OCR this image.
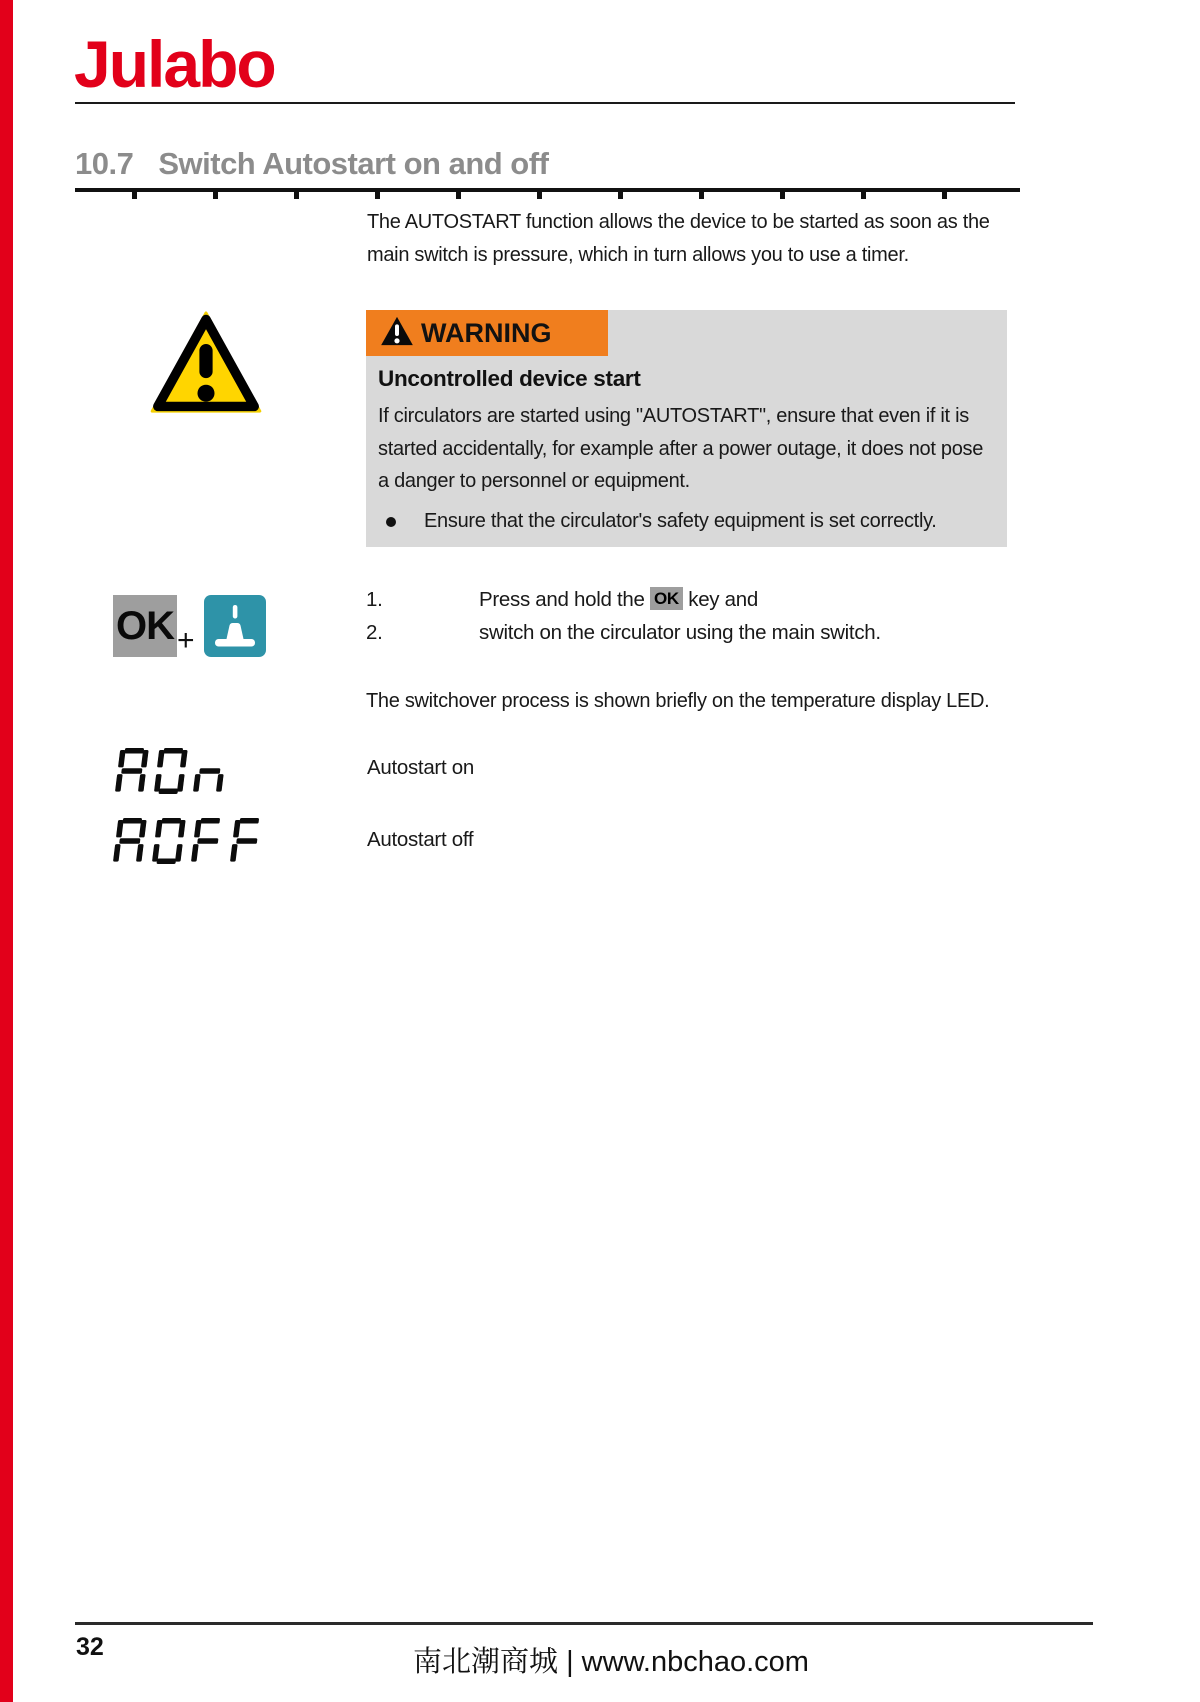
Julabo
10.7 Switch Autostart on and off
The AUTOSTART function allows the device to be started as soon as the
main switch is pressure, which in turn allows you to use a timer.
WARNING
Uncontrolled device start
If circulators are started using "AUTOSTART", ensure that even if it is
started accidentally, for example after a power outage, it does not pose
a danger to personnel or equipment.
Ensure that the circulator's safety equipment is set correctly.
OK +
1.	Press and hold the OK key and
2.	switch on the circulator using the main switch.
The switchover process is shown briefly on the temperature display LED.
Autostart on
Autostart off
32	南北潮商城 | www.nbchao.com
